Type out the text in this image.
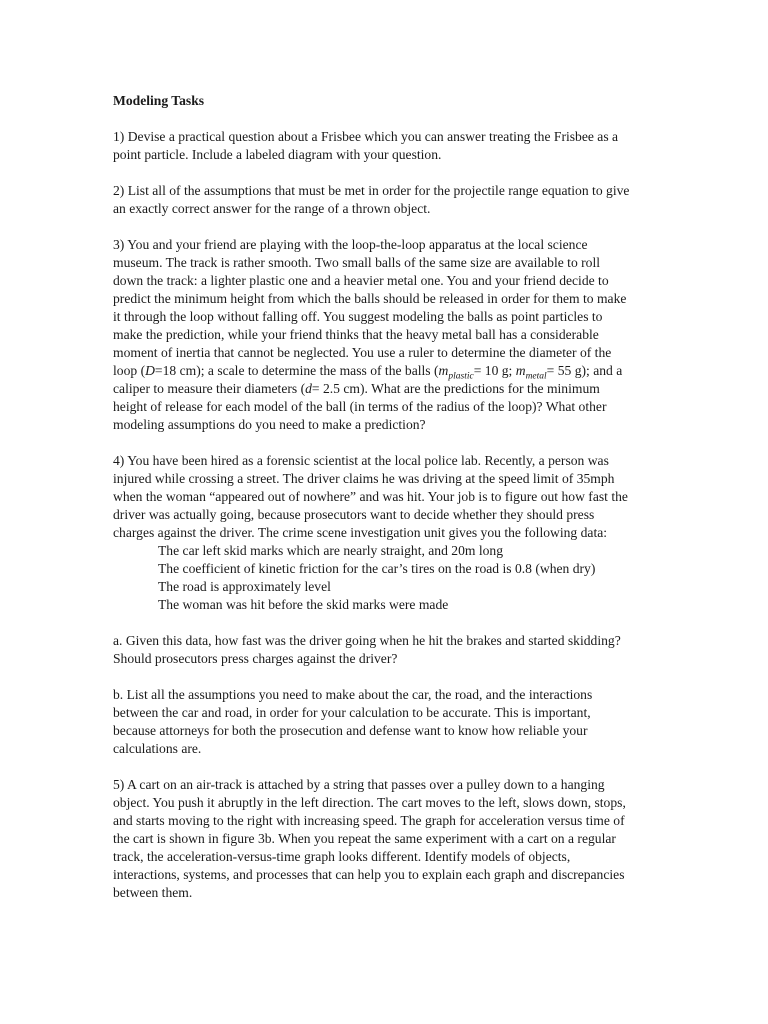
Modeling Tasks
1) Devise a practical question about a Frisbee which you can answer treating the Frisbee as a point particle. Include a labeled diagram with your question.
2) List all of the assumptions that must be met in order for the projectile range equation to give an exactly correct answer for the range of a thrown object.
3) You and your friend are playing with the loop-the-loop apparatus at the local science museum. The track is rather smooth. Two small balls of the same size are available to roll down the track: a lighter plastic one and a heavier metal one. You and your friend decide to predict the minimum height from which the balls should be released in order for them to make it through the loop without falling off. You suggest modeling the balls as point particles to make the prediction, while your friend thinks that the heavy metal ball has a considerable moment of inertia that cannot be neglected. You use a ruler to determine the diameter of the loop (D=18 cm); a scale to determine the mass of the balls ($m_{plastic}= 10$ g; $m_{metal}= 55$ g); and a caliper to measure their diameters (d= 2.5 cm). What are the predictions for the minimum height of release for each model of the ball (in terms of the radius of the loop)? What other modeling assumptions do you need to make a prediction?
4) You have been hired as a forensic scientist at the local police lab. Recently, a person was injured while crossing a street. The driver claims he was driving at the speed limit of 35mph when the woman “appeared out of nowhere” and was hit. Your job is to figure out how fast the driver was actually going, because prosecutors want to decide whether they should press charges against the driver. The crime scene investigation unit gives you the following data:
The car left skid marks which are nearly straight, and 20m long
The coefficient of kinetic friction for the car’s tires on the road is 0.8 (when dry)
The road is approximately level
The woman was hit before the skid marks were made
a. Given this data, how fast was the driver going when he hit the brakes and started skidding? Should prosecutors press charges against the driver?
b. List all the assumptions you need to make about the car, the road, and the interactions between the car and road, in order for your calculation to be accurate. This is important, because attorneys for both the prosecution and defense want to know how reliable your calculations are.
5) A cart on an air-track is attached by a string that passes over a pulley down to a hanging object. You push it abruptly in the left direction. The cart moves to the left, slows down, stops, and starts moving to the right with increasing speed. The graph for acceleration versus time of the cart is shown in figure 3b. When you repeat the same experiment with a cart on a regular track, the acceleration-versus-time graph looks different. Identify models of objects, interactions, systems, and processes that can help you to explain each graph and discrepancies between them.
